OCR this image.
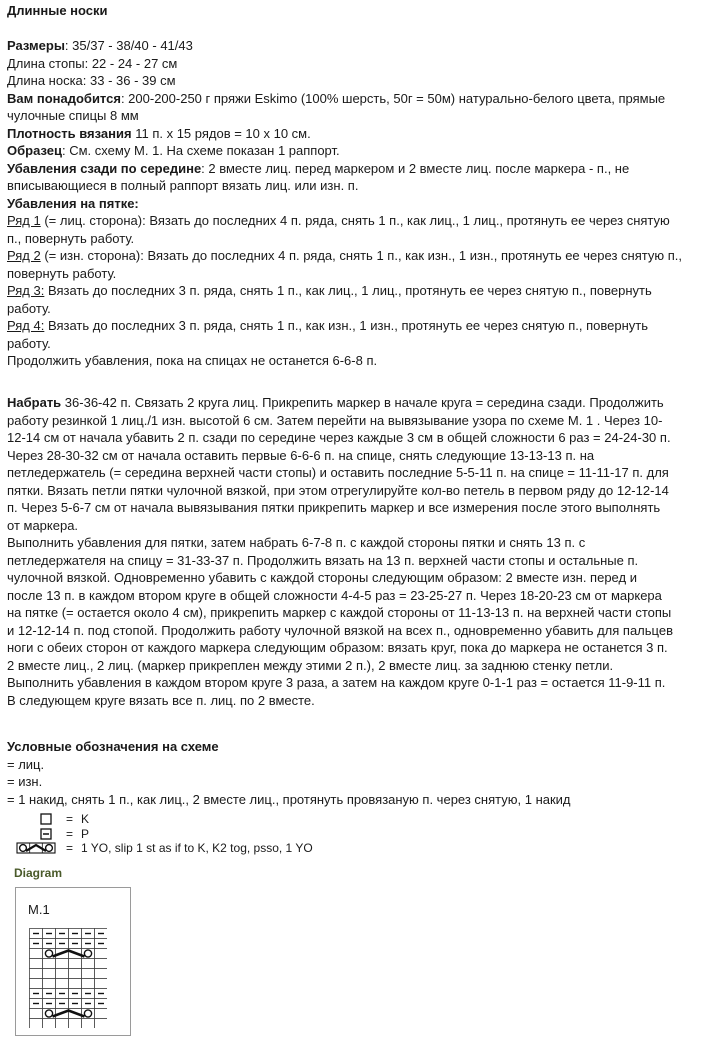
Длинные носки
Размеры: 35/37 - 38/40 - 41/43
Длина стопы: 22 - 24 - 27 см
Длина носка: 33 - 36 - 39 см
Вам понадобится: 200-200-250 г пряжи Eskimo (100% шерсть, 50г = 50м) натурально-белого цвета, прямые
чулочные спицы 8 мм
Плотность вязания 11 п. х 15 рядов = 10 х 10 см.
Образец: См. схему М. 1. На схеме показан 1 раппорт.
Убавления сзади по середине: 2 вместе лиц. перед маркером и 2 вместе лиц. после маркера - п., не
вписывающиеся в полный раппорт вязать лиц. или изн. п.
Убавления на пятке:
Ряд 1 (= лиц. сторона): Вязать до последних 4 п. ряда, снять 1 п., как лиц., 1 лиц., протянуть ее через снятую
п., повернуть работу.
Ряд 2 (= изн. сторона): Вязать до последних 4 п. ряда, снять 1 п., как изн., 1 изн., протянуть ее через снятую п.,
повернуть работу.
Ряд 3: Вязать до последних 3 п. ряда, снять 1 п., как лиц., 1 лиц., протянуть ее через снятую п., повернуть
работу.
Ряд 4: Вязать до последних 3 п. ряда, снять 1 п., как изн., 1 изн., протянуть ее через снятую п., повернуть
работу.
Продолжить убавления, пока на спицах не останется 6-6-8 п.
Набрать 36-36-42 п. Связать 2 круга лиц. Прикрепить маркер в начале круга = середина сзади. Продолжить
работу резинкой 1 лиц./1 изн. высотой 6 см. Затем перейти на вывязывание узора по схеме М. 1 . Через 10-
12-14 см от начала убавить 2 п. сзади по середине через каждые 3 см в общей сложности 6 раз = 24-24-30 п.
Через 28-30-32 см от начала оставить первые 6-6-6 п. на спице, снять следующие 13-13-13 п. на
петледержатель (= середина верхней части стопы) и оставить последние 5-5-11 п. на спице = 11-11-17 п. для
пятки. Вязать петли пятки чулочной вязкой, при этом отрегулируйте кол-во петель в первом ряду до 12-12-14
п. Через 5-6-7 см от начала вывязывания пятки прикрепить маркер и все измерения после этого выполнять
от маркера.
Выполнить убавления для пятки, затем набрать 6-7-8 п. с каждой стороны пятки и снять 13 п. с
петледержателя на спицу = 31-33-37 п. Продолжить вязать на 13 п. верхней части стопы и остальные п.
чулочной вязкой. Одновременно убавить с каждой стороны следующим образом: 2 вместе изн. перед и
после 13 п. в каждом втором круге в общей сложности 4-4-5 раз = 23-25-27 п. Через 18-20-23 см от маркера
на пятке (= остается около 4 см), прикрепить маркер с каждой стороны от 11-13-13 п. на верхней части стопы
и 12-12-14 п. под стопой. Продолжить работу чулочной вязкой на всех п., одновременно убавить для пальцев
ноги с обеих сторон от каждого маркера следующим образом: вязать круг, пока до маркера не останется 3 п.
2 вместе лиц., 2 лиц. (маркер прикреплен между этими 2 п.), 2 вместе лиц. за заднюю стенку петли.
Выполнить убавления в каждом втором круге 3 раза, а затем на каждом круге 0-1-1 раз = остается 11-9-11 п.
В следующем круге вязать все п. лиц. по 2 вместе.
Условные обозначения на схеме
= лиц.
= изн.
= 1 накид, снять 1 п., как лиц., 2 вместе лиц., протянуть провязаную п. через снятую, 1 накид
= K
= P
= 1 YO, slip 1 st as if to K, K2 tog, psso, 1 YO
Diagram
M.1
